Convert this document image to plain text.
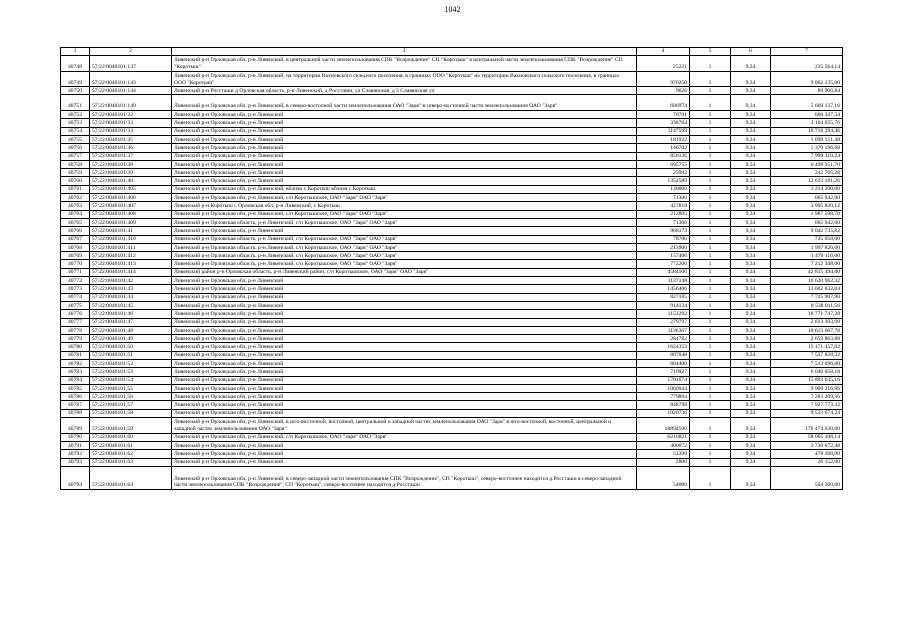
1042
1	2	3	4	5	6	7
40748	57:22:0040101:137	Ливенский р-н Орловская обл, р-н Ливенский, в центральной части землепользования СПК "Возрождение" СП "Коротыш" в центральной части землепользования СПК "Возрождение" СП "Коротыш"	25221	1	9,34	235 564,14
40749	57:22:0040101:143	Ливенский р-н Орловская обл, р-н Ливенский, на территории Вахновского сельского поселения, в границах ООО "Коротыш" на территории Вахновского сельского поселения, в границах ООО "Коротыш"	970250	1	9,34	9 062 135,00
40750	57:22:0040101:144	Ливенский р-н Россташи д Орловская область, р-н Ливенский, д Россташи, ул Славянская, д 5 Славянская ул	9626	1	9,34	89 906,84
40751	57:22:0040101:149	Ливенский р-н Орловская обл, р-н Ливенский, в северо-восточной части землепользования ОАО "Заря" в северо-восточной части землепользования ОАО "Заря"	606974	1	9,34	5 669 137,16
40752	57:22:0040101:32	Ливенский р-н Орловская обл, р-н Ливенский	70701	1	9,34	660 347,34
40753	57:22:0040101:33	Ливенский р-н Орловская обл, р-н Ливенский	338764	1	9,34	3 164 055,76
40754	57:22:0040101:34	Ливенский р-н Орловская обл, р-н Ливенский	1147569	1	9,34	10 718 294,46
40755	57:22:0040101:35	Ливенский р-н Орловская обл, р-н Ливенский	181922	1	9,34	1 699 151,48
40756	57:22:0040101:36	Ливенский р-н Орловская обл, р-н Ливенский	146702	1	9,34	1 370 196,68
40757	57:22:0040101:37	Ливенский р-н Орловская обл, р-н Ливенский	856136	1	9,34	7 996 310,24
40758	57:22:0040101:38	Ливенский р-н Орловская обл, р-н Ливенский	695755	1	9,34	6 498 351,70
40759	57:22:0040101:39	Ливенский р-н Орловская обл, р-н Ливенский	25992	1	9,34	242 765,28
40760	57:22:0040101:40	Ливенский р-н Орловская обл, р-н Ливенский	1352589	1	9,34	12 633 181,26
40761	57:22:0040101:405	Ливенский р-н Орловская обл, р-н Ливенский, вблизи с Коротыш вблизи с.Коротыш	130000	1	9,34	1 214 200,00
40762	57:22:0040101:406	Ливенский р-н Орловская обл, р-н Ливенский, с/п Коротышское, ОАО "Заря" ОАО "Заря"	71300	1	9,34	665 942,00
40763	57:22:0040101:407	Ливенский р-н Коротыш с Орловская обл, р-н Ливенский, с Коротыш	427818	1	9,34	3 995 820,12
40764	57:22:0040101:408	Ливенский р-н Орловская обл, р-н Ливенский, с/п Коротышское, ОАО "Заря" ОАО "Заря"	212805	1	9,34	1 987 598,70
40765	57:22:0040101:409	Ливенский р-н Орловская область, р-н Ливенский, с/п Коротышское, ОАО "Заря" ОАО "Заря"	71300	1	9,34	665 942,00
40766	57:22:0040101:41	Ливенский р-н Орловская обл, р-н Ливенский	968173	1	9,34	9 042 735,82
40767	57:22:0040101:410	Ливенский р-н Орловская область, р-н Ливенский, с/п Коротышское, ОАО "Заря" ОАО "Заря"	78700	1	9,34	735 058,00
40768	57:22:0040101:411	Ливенский р-н Орловская область, р-н Ливенский, с/п Коротышское, ОАО "Заря" ОАО "Заря"	213900	1	9,34	1 997 826,00
40769	57:22:0040101:412	Ливенский р-н Орловская область, р-н Ливенский, с/п Коротышское, ОАО "Заря" ОАО "Заря"	157400	1	9,34	1 470 116,00
40770	57:22:0040101:413	Ливенский р-н Орловская область, р-н Ливенский, с/п Коротышское, ОАО "Заря" ОАО "Заря"	772200	1	9,34	7 212 348,00
40771	57:22:0040101:414	Ливенский район р-н Орловская область, р-н Ливенский район, с/п Коротышское, ОАО "Заря" ОАО "Заря"	4584100	1	9,34	42 815 494,00
40772	57:22:0040101:42	Ливенский р-н Орловская обл, р-н Ливенский	1137148	1	9,34	10 620 962,32
40773	57:22:0040101:43	Ливенский р-н Орловская обл, р-н Ливенский	1456406	1	9,34	13 602 832,04
40774	57:22:0040101:44	Ливенский р-н Орловская обл, р-н Ливенский	827185	1	9,34	7 725 907,90
40775	57:22:0040101:45	Ливенский р-н Орловская обл, р-н Ливенский	914134	1	9,34	8 538 011,56
40776	57:22:0040101:46	Ливенский р-н Орловская обл, р-н Ливенский	1153292	1	9,34	10 771 747,28
40777	57:22:0040101:47	Ливенский р-н Орловская обл, р-н Ливенский	279797	1	9,34	2 613 303,98
40778	57:22:0040101:48	Ливенский р-н Орловская обл, р-н Ливенский	1136367	1	9,34	10 613 667,78
40779	57:22:0040101:49	Ливенский р-н Орловская обл, р-н Ливенский	284782	1	9,34	2 659 863,88
40780	57:22:0040101:50	Ливенский р-н Орловская обл, р-н Ливенский	1624353	1	9,34	15 171 457,02
40781	57:22:0040101:51	Ливенский р-н Орловская обл, р-н Ливенский	807048	1	9,34	7 537 828,32
40782	57:22:0040101:52	Ливенский р-н Орловская обл, р-н Ливенский	804400	1	9,34	7 513 096,00
40783	57:22:0040101:53	Ливенский р-н Орловская обл, р-н Ливенский	710927	1	9,34	6 640 058,18
40784	57:22:0040101:54	Ливенский р-н Орловская обл, р-н Ливенский	1701674	1	9,34	15 893 635,16
40785	57:22:0040101:55	Ливенский р-н Орловская обл, р-н Ливенский	1060944	1	9,34	9 909 216,96
40786	57:22:0040101:56	Ливенский р-н Орловская обл, р-н Ливенский	779894	1	9,34	7 283 209,36
40787	57:22:0040101:57	Ливенский р-н Орловская обл, р-н Ливенский	848798	1	9,34	7 927 773,32
40788	57:22:0040101:58	Ливенский р-н Орловская обл, р-н Ливенский	1020736	1	9,34	9 533 674,24
40789	57:22:0040101:59	Ливенский р-н Орловская обл, р-н Ливенский, в юго-восточной, восточной, центральной и западной частях землепользования ОАО "Заря" в юго-восточной, восточной, центральной и западной частях землепользования ОАО "Заря"	18894500	1	9,34	176 474 630,00
40790	57:22:0040101:60	Ливенский р-н Орловская обл, р-н Ливенский, с/п Коротышское, ОАО "Заря" ОАО "Заря"	6216821	1	9,34	58 065 108,14
40791	57:22:0040101:61	Ливенский р-н Орловская обл, р-н Ливенский	400072	1	9,34	3 736 672,48
40792	57:22:0040101:62	Ливенский р-н Орловская обл, р-н Ливенский	51200	1	9,34	478 208,00
40793	57:22:0040101:63	Ливенский р-н Орловская обл, р-н Ливенский	2800	1	9,34	26 152,00
40794	57:22:0040101:64	Ливенский р-н Орловская обл, р-н Ливенский, в северо-западной части землепользования СПК "Возрождение", СП "Коротыш", северо-восточнее находится д.Россташи в северо-западной части землепользования СПК "Возрождение", СП "Коротыш", северо-восточнее находится д Россташи	54000	1	9,34	504 360,00
